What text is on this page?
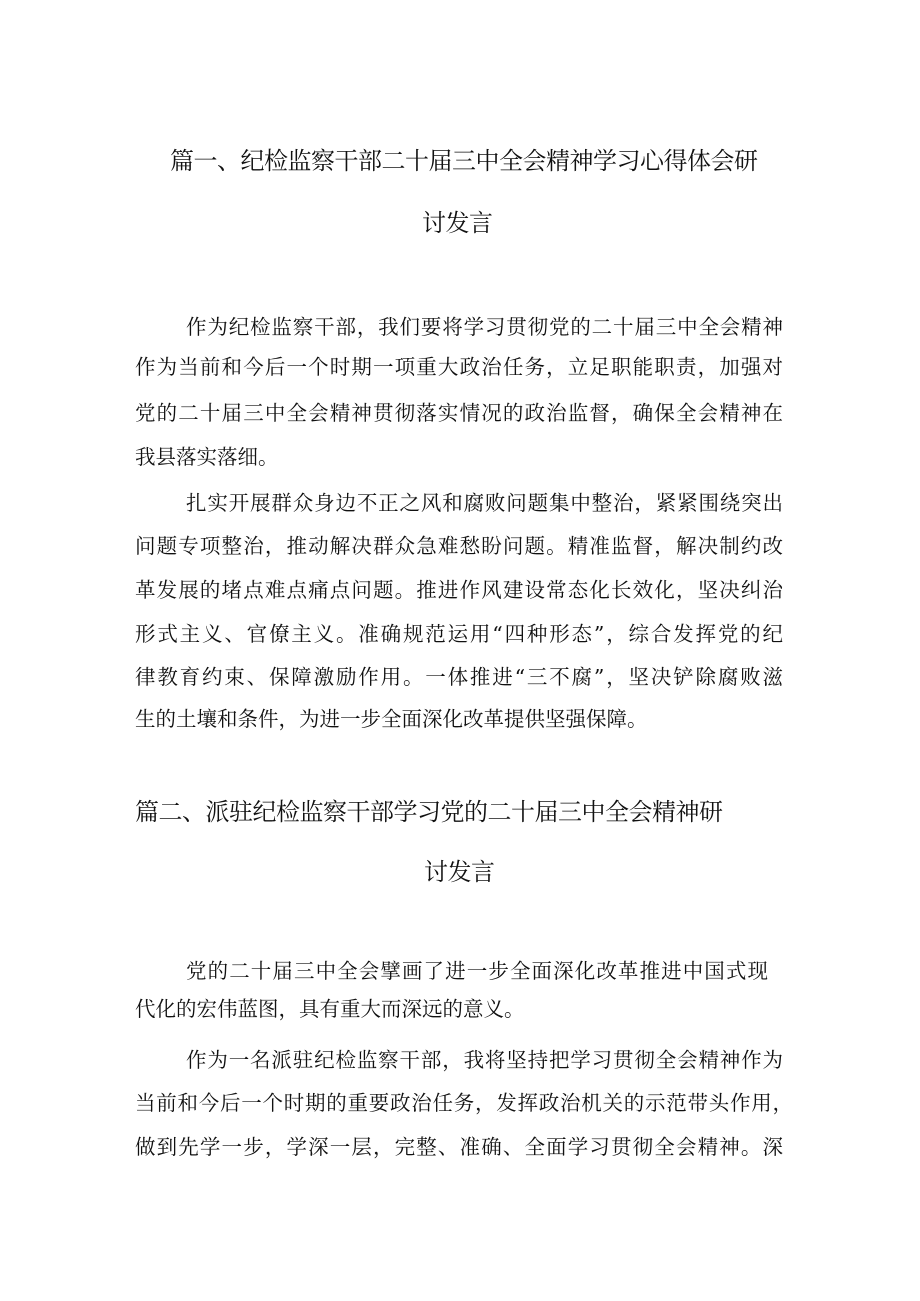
篇一、纪检监察干部二十届三中全会精神学习心得体会研
讨发言
作为纪检监察干部，我们要将学习贯彻党的二十届三中全会精神
作为当前和今后一个时期一项重大政治任务，立足职能职责，加强对
党的二十届三中全会精神贯彻落实情况的政治监督，确保全会精神在
我县落实落细。
扎实开展群众身边不正之风和腐败问题集中整治，紧紧围绕突出
问题专项整治，推动解决群众急难愁盼问题。精准监督，解决制约改
革发展的堵点难点痛点问题。推进作风建设常态化长效化，坚决纠治
形式主义、官僚主义。准确规范运用“四种形态”，综合发挥党的纪
律教育约束、保障激励作用。一体推进“三不腐”，坚决铲除腐败滋
生的土壤和条件，为进一步全面深化改革提供坚强保障。
篇二、派驻纪检监察干部学习党的二十届三中全会精神研
讨发言
党的二十届三中全会擘画了进一步全面深化改革推进中国式现
代化的宏伟蓝图，具有重大而深远的意义。
作为一名派驻纪检监察干部，我将坚持把学习贯彻全会精神作为
当前和今后一个时期的重要政治任务，发挥政治机关的示范带头作用，
做到先学一步，学深一层，完整、准确、全面学习贯彻全会精神。深
